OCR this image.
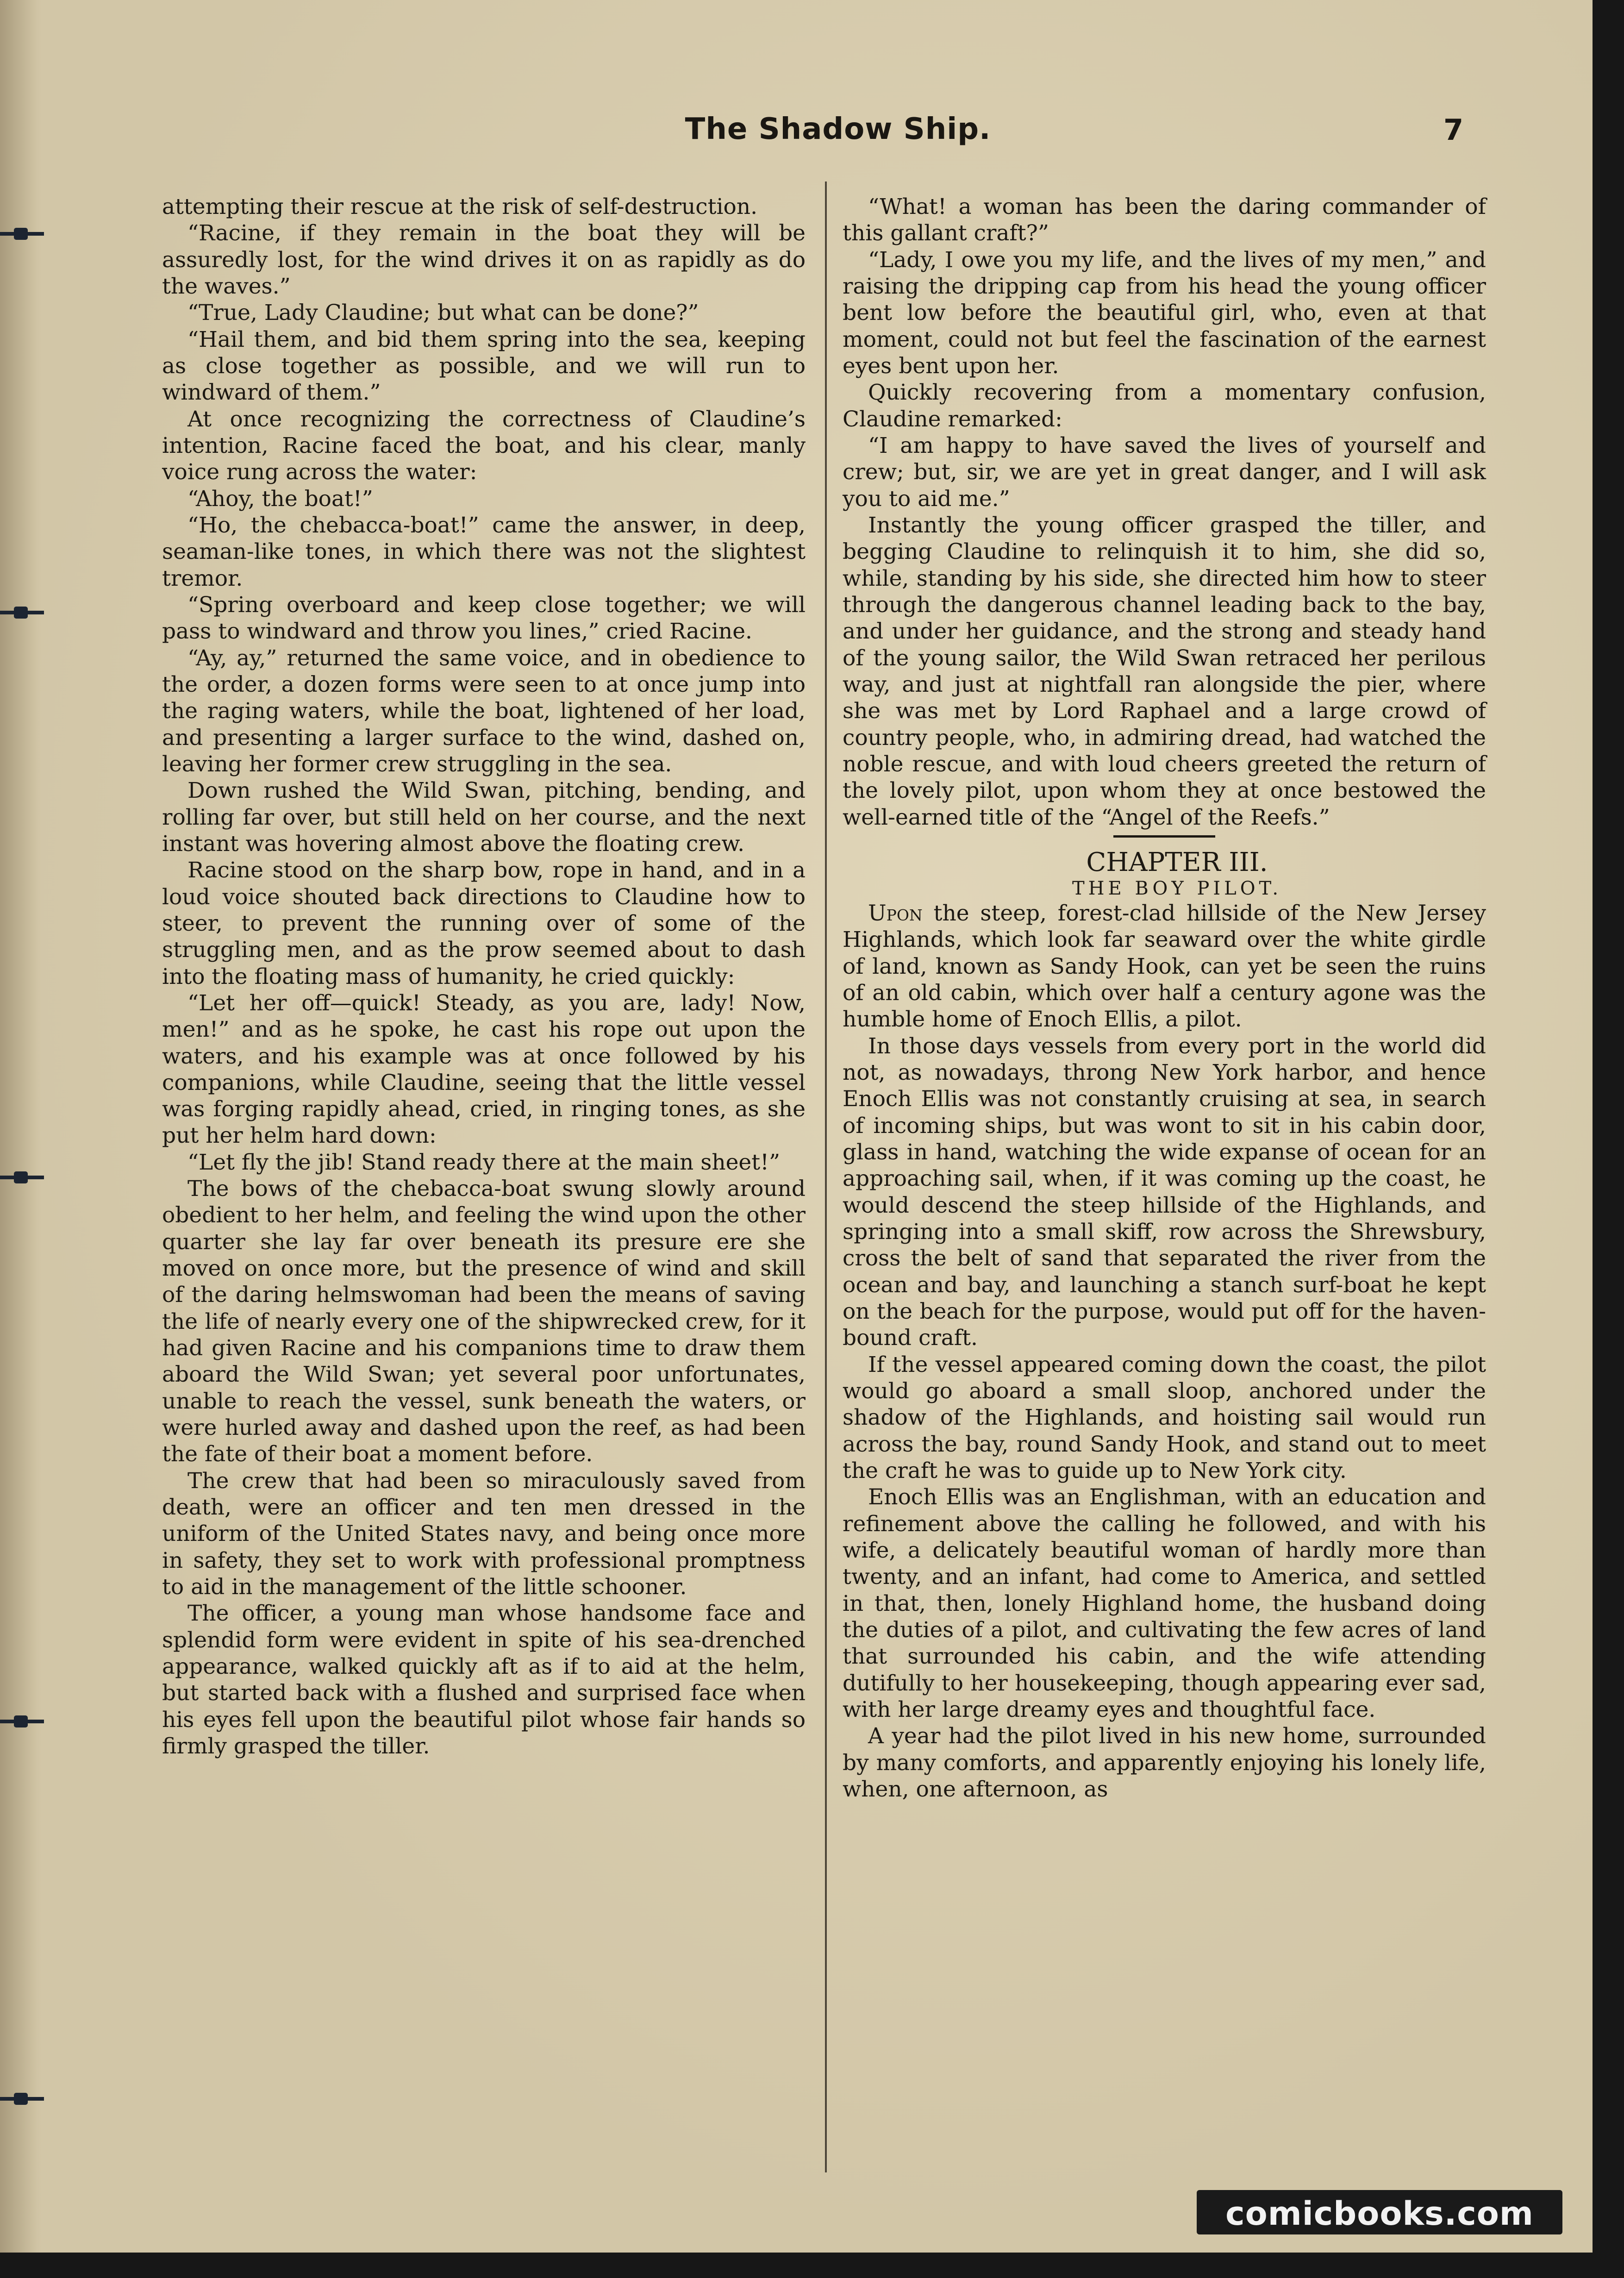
The Shadow Ship.	7

attempting their rescue at the risk of self-destruction.

“Racine, if they remain in the boat they will be assuredly lost, for the wind drives it on as rapidly as do the waves.”

“True, Lady Claudine; but what can be done?”

“Hail them, and bid them spring into the sea, keeping as close together as possible, and we will run to windward of them.”

At once recognizing the correctness of Claudine’s intention, Racine faced the boat, and his clear, manly voice rung across the water:

“Ahoy, the boat!”

“Ho, the chebacca-boat!” came the answer, in deep, seaman-like tones, in which there was not the slightest tremor.

“Spring overboard and keep close together; we will pass to windward and throw you lines,” cried Racine.

“Ay, ay,” returned the same voice, and in obedience to the order, a dozen forms were seen to at once jump into the raging waters, while the boat, lightened of her load, and presenting a larger surface to the wind, dashed on, leaving her former crew struggling in the sea.

Down rushed the Wild Swan, pitching, bending, and rolling far over, but still held on her course, and the next instant was hovering almost above the floating crew.

Racine stood on the sharp bow, rope in hand, and in a loud voice shouted back directions to Claudine how to steer, to prevent the running over of some of the struggling men, and as the prow seemed about to dash into the floating mass of humanity, he cried quickly:

“Let her off—quick! Steady, as you are, lady! Now, men!” and as he spoke, he cast his rope out upon the waters, and his example was at once followed by his companions, while Claudine, seeing that the little vessel was forging rapidly ahead, cried, in ringing tones, as she put her helm hard down:

“Let fly the jib! Stand ready there at the main sheet!”

The bows of the chebacca-boat swung slowly around obedient to her helm, and feeling the wind upon the other quarter she lay far over beneath its presure ere she moved on once more, but the presence of wind and skill of the daring helmswoman had been the means of saving the life of nearly every one of the shipwrecked crew, for it had given Racine and his companions time to draw them aboard the Wild Swan; yet several poor unfortunates, unable to reach the vessel, sunk beneath the waters, or were hurled away and dashed upon the reef, as had been the fate of their boat a moment before.

The crew that had been so miraculously saved from death, were an officer and ten men dressed in the uniform of the United States navy, and being once more in safety, they set to work with professional promptness to aid in the management of the little schooner.

The officer, a young man whose handsome face and splendid form were evident in spite of his sea-drenched appearance, walked quickly aft as if to aid at the helm, but started back with a flushed and surprised face when his eyes fell upon the beautiful pilot whose fair hands so firmly grasped the tiller.

“What! a woman has been the daring commander of this gallant craft?”

“Lady, I owe you my life, and the lives of my men,” and raising the dripping cap from his head the young officer bent low before the beautiful girl, who, even at that moment, could not but feel the fascination of the earnest eyes bent upon her.

Quickly recovering from a momentary confusion, Claudine remarked:

“I am happy to have saved the lives of yourself and crew; but, sir, we are yet in great danger, and I will ask you to aid me.”

Instantly the young officer grasped the tiller, and begging Claudine to relinquish it to him, she did so, while, standing by his side, she directed him how to steer through the dangerous channel leading back to the bay, and under her guidance, and the strong and steady hand of the young sailor, the Wild Swan retraced her perilous way, and just at nightfall ran alongside the pier, where she was met by Lord Raphael and a large crowd of country people, who, in admiring dread, had watched the noble rescue, and with loud cheers greeted the return of the lovely pilot, upon whom they at once bestowed the well-earned title of the “Angel of the Reefs.”

CHAPTER III.

THE BOY PILOT.

Upon the steep, forest-clad hillside of the New Jersey Highlands, which look far seaward over the white girdle of land, known as Sandy Hook, can yet be seen the ruins of an old cabin, which over half a century agone was the humble home of Enoch Ellis, a pilot.

In those days vessels from every port in the world did not, as nowadays, throng New York harbor, and hence Enoch Ellis was not constantly cruising at sea, in search of incoming ships, but was wont to sit in his cabin door, glass in hand, watching the wide expanse of ocean for an approaching sail, when, if it was coming up the coast, he would descend the steep hillside of the Highlands, and springing into a small skiff, row across the Shrewsbury, cross the belt of sand that separated the river from the ocean and bay, and launching a stanch surf-boat he kept on the beach for the purpose, would put off for the haven-bound craft.

If the vessel appeared coming down the coast, the pilot would go aboard a small sloop, anchored under the shadow of the Highlands, and hoisting sail would run across the bay, round Sandy Hook, and stand out to meet the craft he was to guide up to New York city.

Enoch Ellis was an Englishman, with an education and refinement above the calling he followed, and with his wife, a delicately beautiful woman of hardly more than twenty, and an infant, had come to America, and settled in that, then, lonely Highland home, the husband doing the duties of a pilot, and cultivating the few acres of land that surrounded his cabin, and the wife attending dutifully to her housekeeping, though appearing ever sad, with her large dreamy eyes and thoughtful face.

A year had the pilot lived in his new home, surrounded by many comforts, and apparently enjoying his lonely life, when, one afternoon, as

comicbooks.com
